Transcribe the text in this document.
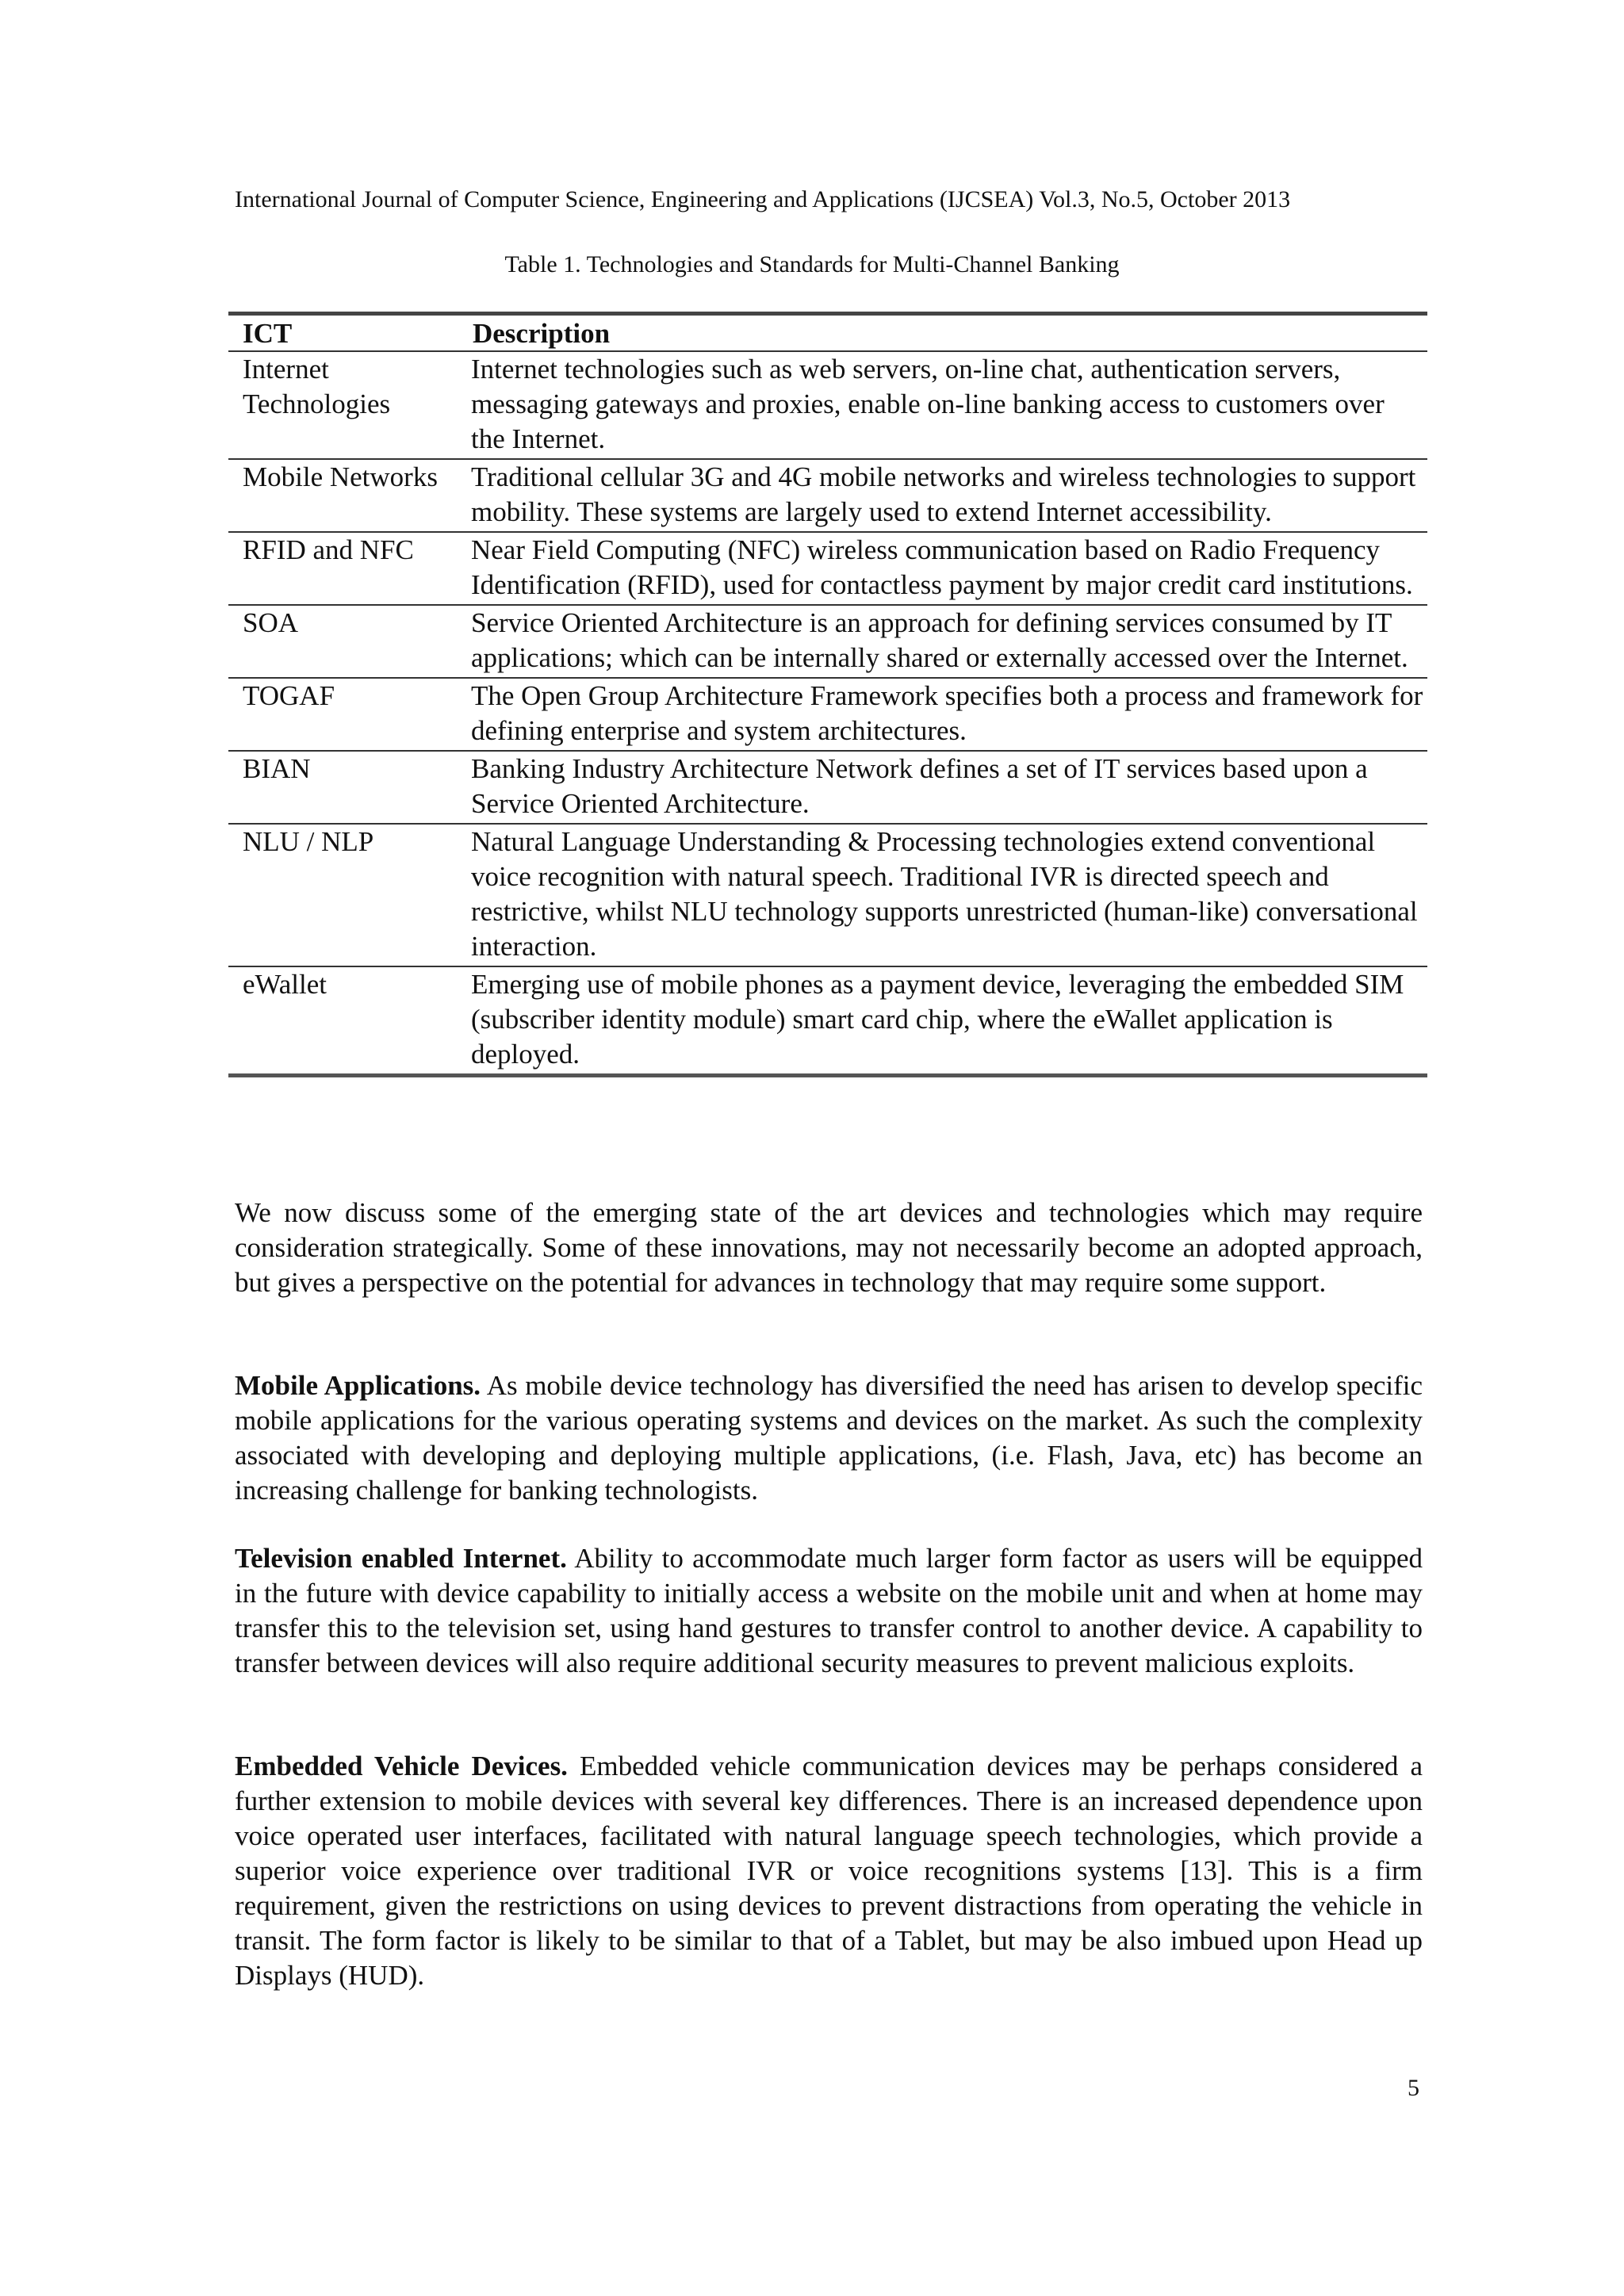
International Journal of Computer Science, Engineering and Applications (IJCSEA) Vol.3, No.5, October 2013
Table 1. Technologies and Standards for Multi-Channel Banking
ICT	Description
Internet Technologies	Internet technologies such as web servers, on-line chat, authentication servers, messaging gateways and proxies, enable on-line banking access to customers over the Internet.
Mobile Networks	Traditional cellular 3G and 4G mobile networks and wireless technologies to support mobility. These systems are largely used to extend Internet accessibility.
RFID and NFC	Near Field Computing (NFC) wireless communication based on Radio Frequency Identification (RFID), used for contactless payment by major credit card institutions.
SOA	Service Oriented Architecture is an approach for defining services consumed by IT applications; which can be internally shared or externally accessed over the Internet.
TOGAF	The Open Group Architecture Framework specifies both a process and framework for defining enterprise and system architectures.
BIAN	Banking Industry Architecture Network defines a set of IT services based upon a Service Oriented Architecture.
NLU / NLP	Natural Language Understanding & Processing technologies extend conventional voice recognition with natural speech. Traditional IVR is directed speech and restrictive, whilst NLU technology supports unrestricted (human-like) conversational interaction.
eWallet	Emerging use of mobile phones as a payment device, leveraging the embedded SIM (subscriber identity module) smart card chip, where the eWallet application is deployed.

We now discuss some of the emerging state of the art devices and technologies which may require consideration strategically. Some of these innovations, may not necessarily become an adopted approach, but gives a perspective on the potential for advances in technology that may require some support.

Mobile Applications. As mobile device technology has diversified the need has arisen to develop specific mobile applications for the various operating systems and devices on the market. As such the complexity associated with developing and deploying multiple applications, (i.e. Flash, Java, etc) has become an increasing challenge for banking technologists.

Television enabled Internet. Ability to accommodate much larger form factor as users will be equipped in the future with device capability to initially access a website on the mobile unit and when at home may transfer this to the television set, using hand gestures to transfer control to another device. A capability to transfer between devices will also require additional security measures to prevent malicious exploits.

Embedded Vehicle Devices. Embedded vehicle communication devices may be perhaps considered a further extension to mobile devices with several key differences. There is an increased dependence upon voice operated user interfaces, facilitated with natural language speech technologies, which provide a superior voice experience over traditional IVR or voice recognitions systems [13]. This is a firm requirement, given the restrictions on using devices to prevent distractions from operating the vehicle in transit. The form factor is likely to be similar to that of a Tablet, but may be also imbued upon Head up Displays (HUD).

5
